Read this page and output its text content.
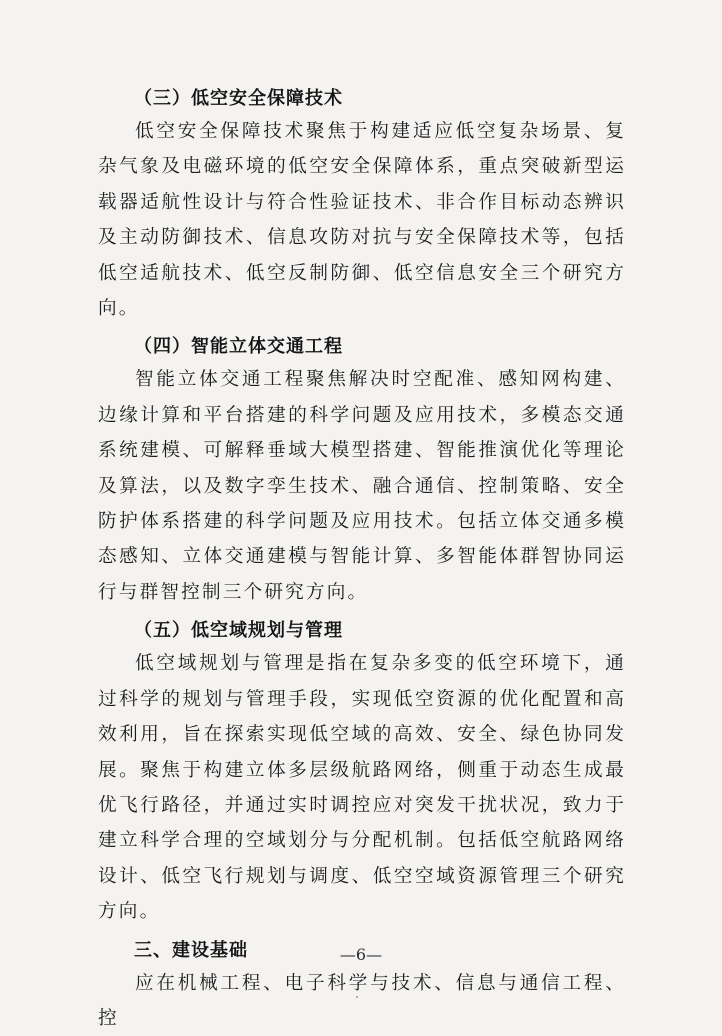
（三）低空安全保障技术

低空安全保障技术聚焦于构建适应低空复杂场景、复杂气象及电磁环境的低空安全保障体系，重点突破新型运载器适航性设计与符合性验证技术、非合作目标动态辨识及主动防御技术、信息攻防对抗与安全保障技术等，包括低空适航技术、低空反制防御、低空信息安全三个研究方向。

（四）智能立体交通工程

智能立体交通工程聚焦解决时空配准、感知网构建、边缘计算和平台搭建的科学问题及应用技术，多模态交通系统建模、可解释垂域大模型搭建、智能推演优化等理论及算法，以及数字孪生技术、融合通信、控制策略、安全防护体系搭建的科学问题及应用技术。包括立体交通多模态感知、立体交通建模与智能计算、多智能体群智协同运行与群智控制三个研究方向。

（五）低空域规划与管理

低空域规划与管理是指在复杂多变的低空环境下，通过科学的规划与管理手段，实现低空资源的优化配置和高效利用，旨在探索实现低空域的高效、安全、绿色协同发展。聚焦于构建立体多层级航路网络，侧重于动态生成最优飞行路径，并通过实时调控应对突发干扰状况，致力于建立科学合理的空域划分与分配机制。包括低空航路网络设计、低空飞行规划与调度、低空空域资源管理三个研究方向。

三、建设基础

应在机械工程、电子科学与技术、信息与通信工程、控

—6—
